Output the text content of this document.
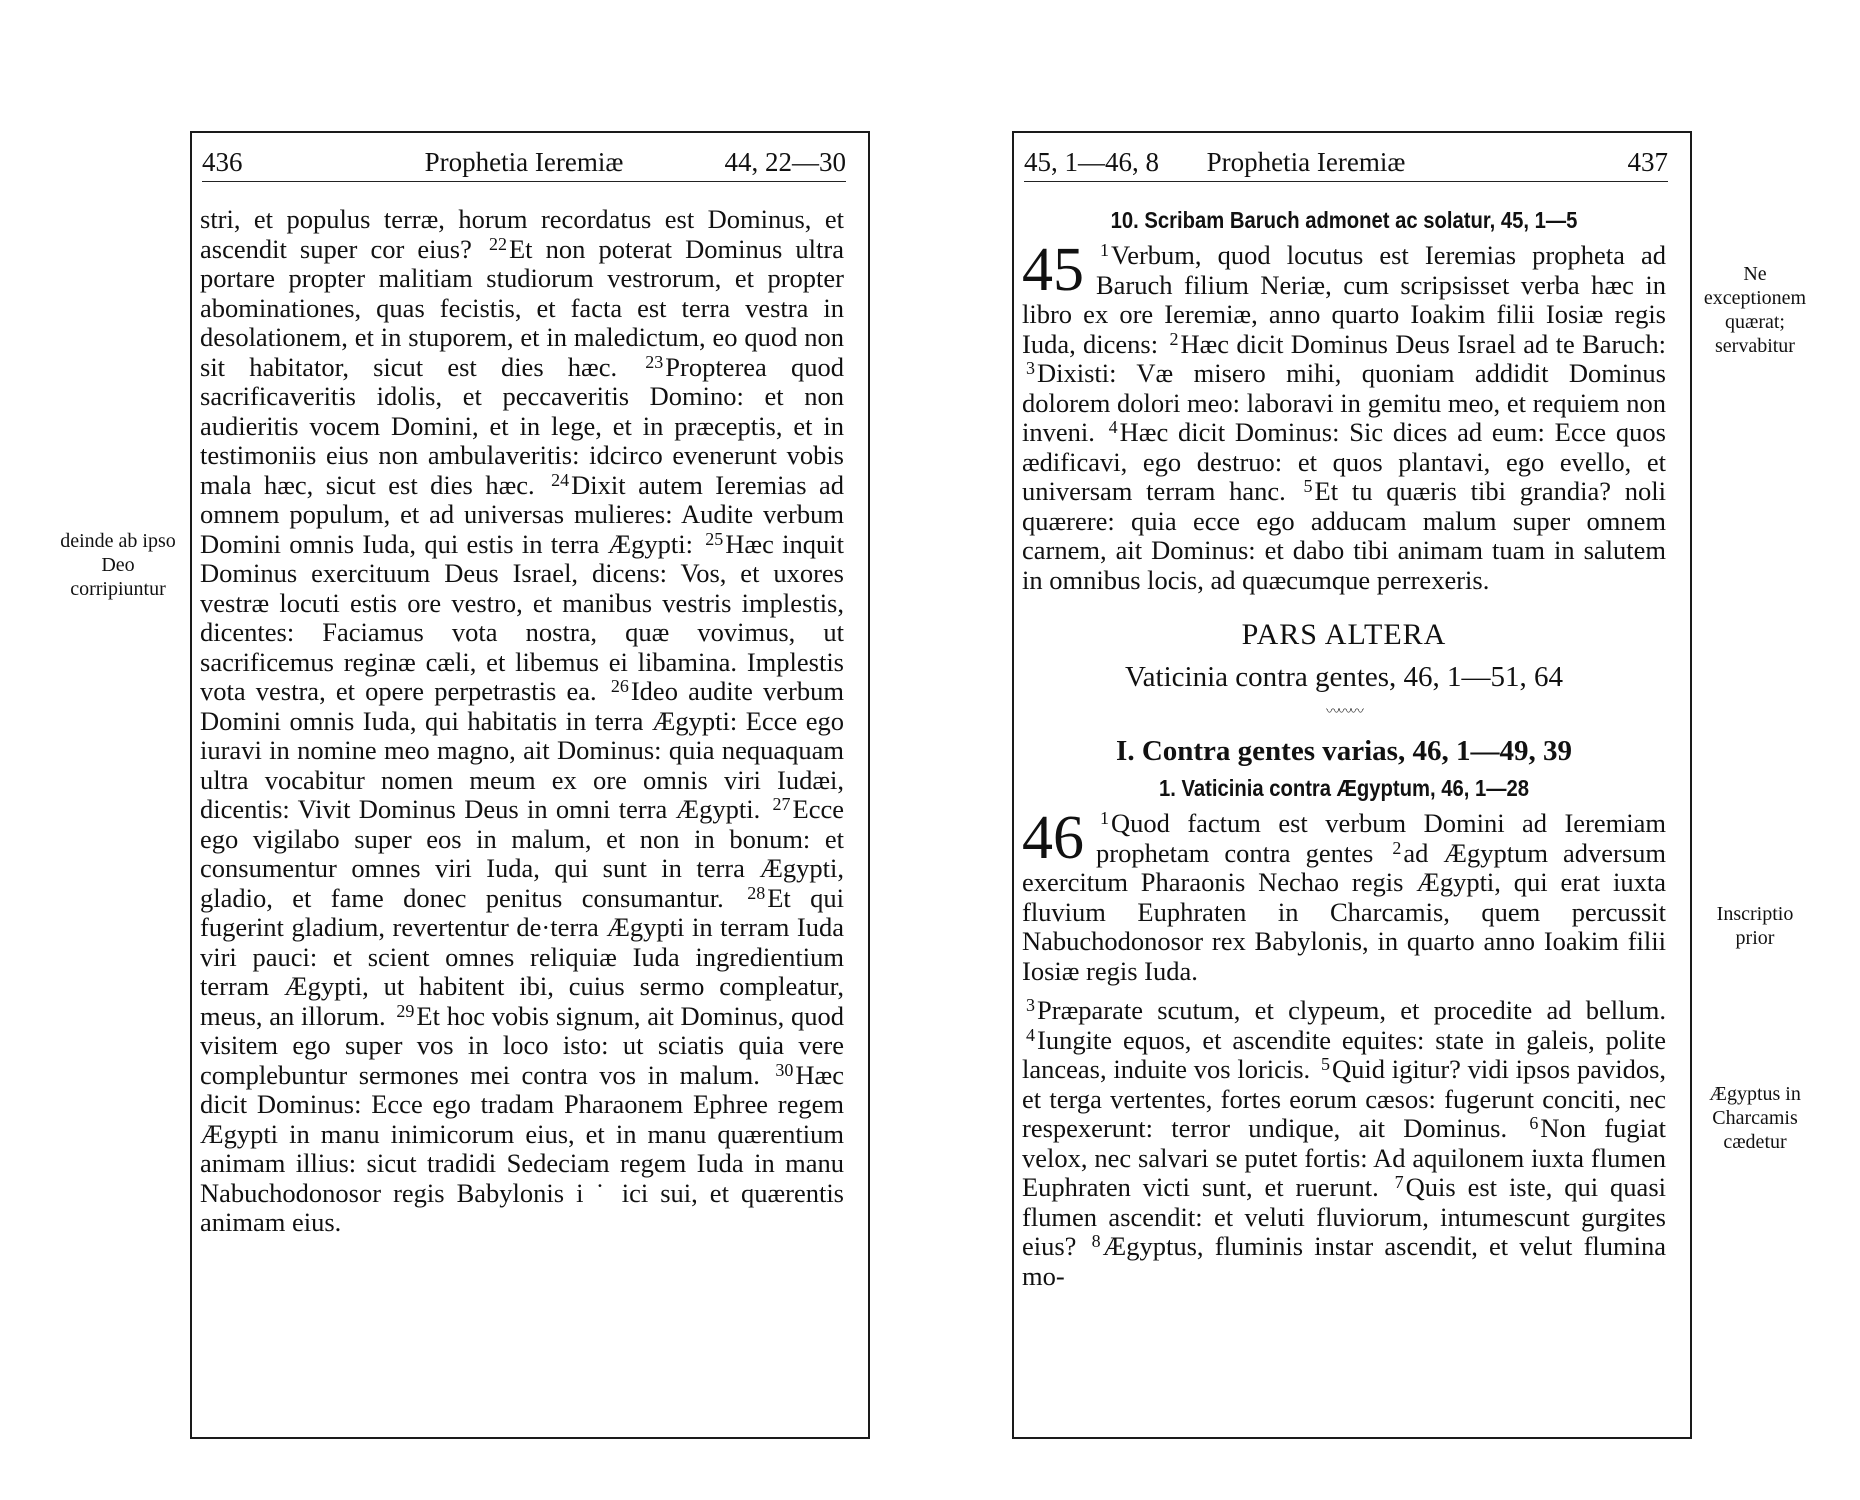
436	Prophetia Ieremiæ	44, 22—30

stri, et populus terræ, horum recordatus est Dominus, et ascendit super cor eius? $^{22}$Et non poterat Dominus ultra portare propter malitiam studiorum vestrorum, et propter abominationes, quas fecistis, et facta est terra vestra in desolationem, et in stuporem, et in maledictum, eo quod non sit habitator, sicut est dies hæc. $^{23}$Propterea quod sacrificaveritis idolis, et peccaveritis Domino: et non audieritis vocem Domini, et in lege, et in præceptis, et in testimoniis eius non ambulaveritis: idcirco evenerunt vobis mala hæc, sicut est dies hæc. $^{24}$Dixit autem Ieremias ad omnem populum, et ad universas mulieres: Audite verbum Domini omnis Iuda, qui estis in terra Ægypti: $^{25}$Hæc inquit Dominus exercituum Deus Israel, dicens: Vos, et uxores vestræ locuti estis ore vestro, et manibus vestris implestis, dicentes: Faciamus vota nostra, quæ vovimus, ut sacrificemus reginæ cæli, et libemus ei libamina. Implestis vota vestra, et opere perpetrastis ea. $^{26}$Ideo audite verbum Domini omnis Iuda, qui habitatis in terra Ægypti: Ecce ego iuravi in nomine meo magno, ait Dominus: quia nequaquam ultra vocabitur nomen meum ex ore omnis viri Iudæi, dicentis: Vivit Dominus Deus in omni terra Ægypti. $^{27}$Ecce ego vigilabo super eos in malum, et non in bonum: et consumentur omnes viri Iuda, qui sunt in terra Ægypti, gladio, et fame donec penitus consumantur. $^{28}$Et qui fugerint gladium, revertentur de·terra Ægypti in terram Iuda viri pauci: et scient omnes reliquiæ Iuda ingredientium terram Ægypti, ut habitent ibi, cuius sermo compleatur, meus, an illorum. $^{29}$Et hoc vobis signum, ait Dominus, quod visitem ego super vos in loco isto: ut sciatis quia vere complebuntur sermones mei contra vos in malum. $^{30}$Hæc dicit Dominus: Ecce ego tradam Pharaonem Ephree regem Ægypti in manu inimicorum eius, et in manu quærentium animam illius: sicut tradidi Sedeciam regem Iuda in manu Nabuchodonosor regis Babylonis i ˙ ici sui, et quærentis animam eius.

deinde ab ipso Deo corripiuntur
45, 1—46, 8	Prophetia Ieremiæ	437
10. Scribam Baruch admonet ac solatur, 45, 1—5

45 $^1$Verbum, quod locutus est Ieremias propheta ad Baruch filium Neriæ, cum scripsisset verba hæc in libro ex ore Ieremiæ, anno quarto Ioakim filii Iosiæ regis Iuda, dicens: $^2$Hæc dicit Dominus Deus Israel ad te Baruch: $^3$Dixisti: Væ misero mihi, quoniam addidit Dominus dolorem dolori meo: laboravi in gemitu meo, et requiem non inveni. $^4$Hæc dicit Dominus: Sic dices ad eum: Ecce quos ædificavi, ego destruo: et quos plantavi, ego evello, et universam terram hanc. $^5$Et tu quæris tibi grandia? noli quærere: quia ecce ego adducam malum super omnem carnem, ait Dominus: et dabo tibi animam tuam in salutem in omnibus locis, ad quæcumque perrexeris.

PARS ALTERA
Vaticinia contra gentes, 46, 1—51, 64
〰〰〰
I. Contra gentes varias, 46, 1—49, 39
1. Vaticinia contra Ægyptum, 46, 1—28

46 $^1$Quod factum est verbum Domini ad Ieremiam prophetam contra gentes $^2$ad Ægyptum adversum exercitum Pharaonis Nechao regis Ægypti, qui erat iuxta fluvium Euphraten in Charcamis, quem percussit Nabuchodonosor rex Babylonis, in quarto anno Ioakim filii Iosiæ regis Iuda.

$^3$Præparate scutum, et clypeum, et procedite ad bellum. $^4$Iungite equos, et ascendite equites: state in galeis, polite lanceas, induite vos loricis. $^5$Quid igitur? vidi ipsos pavidos, et terga vertentes, fortes eorum cæsos: fugerunt conciti, nec respexerunt: terror undique, ait Dominus. $^6$Non fugiat velox, nec salvari se putet fortis: Ad aquilonem iuxta flumen Euphraten victi sunt, et ruerunt. $^7$Quis est iste, qui quasi flumen ascendit: et veluti fluviorum, intumescunt gurgites eius? $^8$Ægyptus, fluminis instar ascendit, et velut flumina mo-

Ne exceptionem quærat; servabitur
Inscriptio prior
Ægyptus in Charcamis cædetur
